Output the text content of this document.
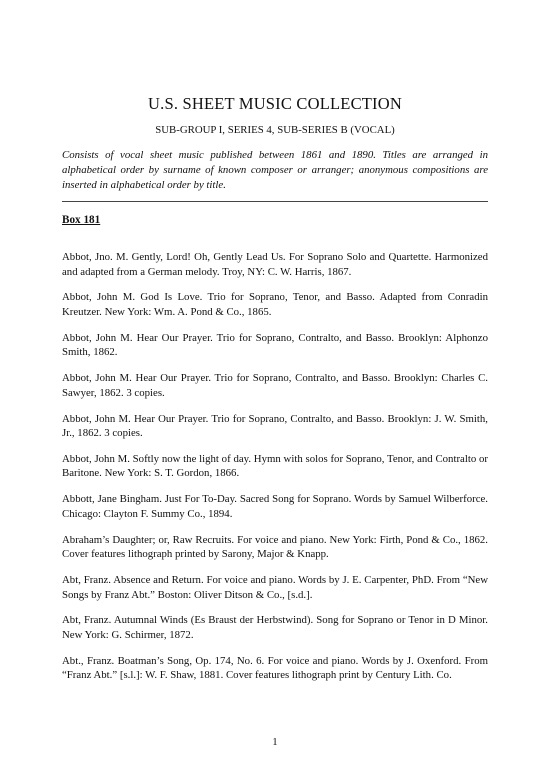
U.S. SHEET MUSIC COLLECTION
SUB-GROUP I, SERIES 4, SUB-SERIES B (VOCAL)

Consists of vocal sheet music published between 1861 and 1890. Titles are arranged in alphabetical order by surname of known composer or arranger; anonymous compositions are inserted in alphabetical order by title.

Box 181
Abbot, Jno. M. Gently, Lord! Oh, Gently Lead Us. For Soprano Solo and Quartette. Harmonized and adapted from a German melody. Troy, NY: C. W. Harris, 1867.
Abbot, John M. God Is Love. Trio for Soprano, Tenor, and Basso. Adapted from Conradin Kreutzer. New York: Wm. A. Pond & Co., 1865.
Abbot, John M. Hear Our Prayer. Trio for Soprano, Contralto, and Basso. Brooklyn: Alphonzo Smith, 1862.
Abbot, John M. Hear Our Prayer. Trio for Soprano, Contralto, and Basso. Brooklyn: Charles C. Sawyer, 1862. 3 copies.
Abbot, John M. Hear Our Prayer. Trio for Soprano, Contralto, and Basso. Brooklyn: J. W. Smith, Jr., 1862. 3 copies.
Abbot, John M. Softly now the light of day. Hymn with solos for Soprano, Tenor, and Contralto or Baritone. New York: S. T. Gordon, 1866.
Abbott, Jane Bingham. Just For To-Day. Sacred Song for Soprano. Words by Samuel Wilberforce. Chicago: Clayton F. Summy Co., 1894.
Abraham’s Daughter; or, Raw Recruits. For voice and piano. New York: Firth, Pond & Co., 1862. Cover features lithograph printed by Sarony, Major & Knapp.
Abt, Franz. Absence and Return. For voice and piano. Words by J. E. Carpenter, PhD. From “New Songs by Franz Abt.” Boston: Oliver Ditson & Co., [s.d.].
Abt, Franz. Autumnal Winds (Es Braust der Herbstwind). Song for Soprano or Tenor in D Minor. New York: G. Schirmer, 1872.
Abt., Franz. Boatman’s Song, Op. 174, No. 6. For voice and piano. Words by J. Oxenford. From “Franz Abt.” [s.l.]: W. F. Shaw, 1881. Cover features lithograph print by Century Lith. Co.
1
